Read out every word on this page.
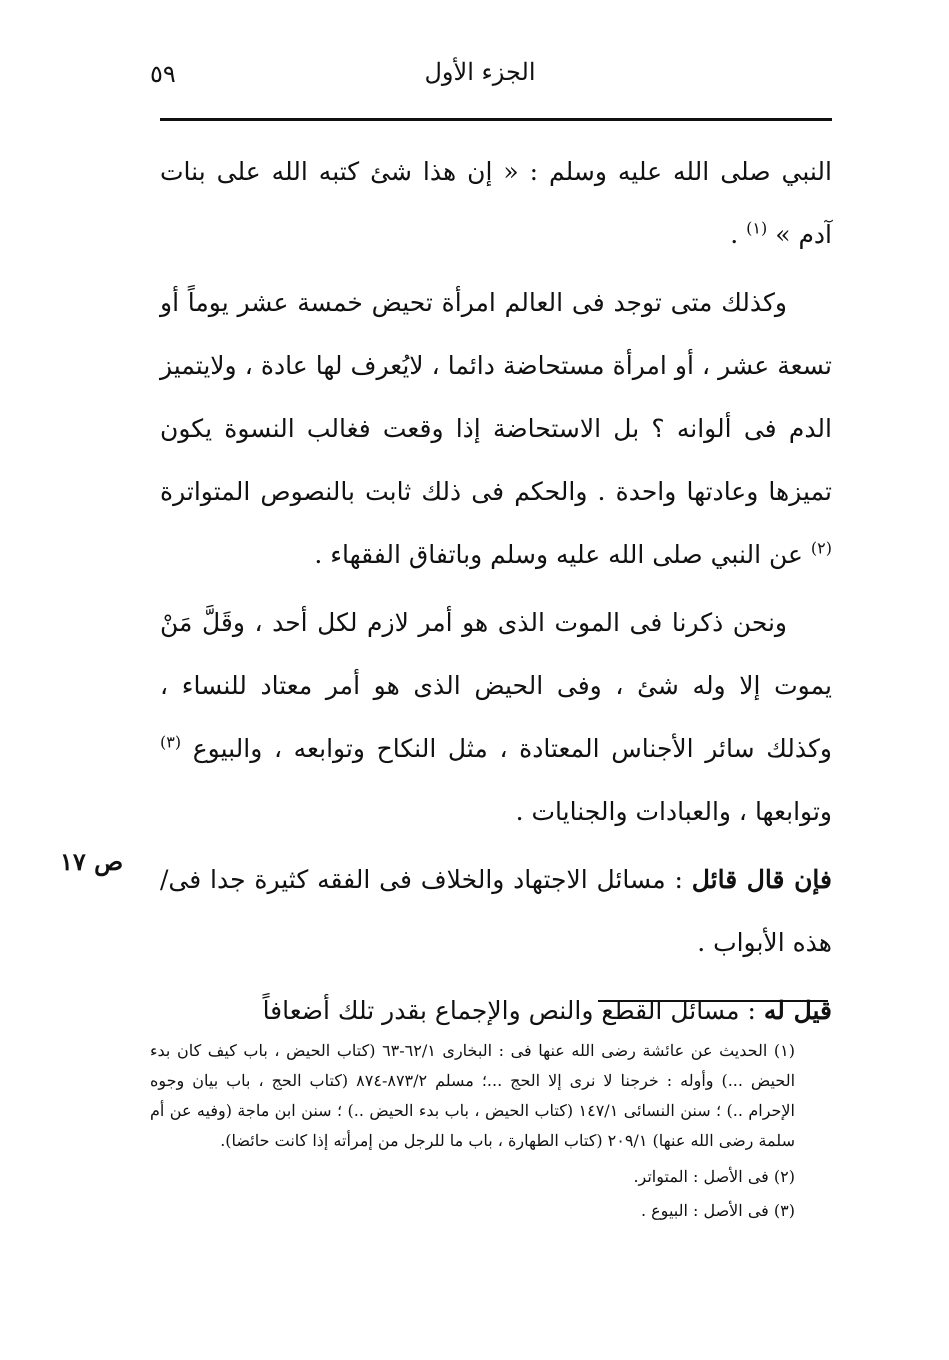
الجزء الأول
٥٩

النبي صلى الله عليه وسلم : « إن هذا شئ كتبه الله على بنات آدم » $^{(١)}$ .

وكذلك متى توجد فى العالم امرأة تحيض خمسة عشر يوماً أو تسعة عشر ، أو امرأة مستحاضة دائما ، لايُعرف لها عادة ، ولايتميز الدم فى ألوانه ؟ بل الاستحاضة إذا وقعت فغالب النسوة يكون تميزها وعادتها واحدة . والحكم فى ذلك ثابت بالنصوص المتواترة $^{(٢)}$ عن النبي صلى الله عليه وسلم وباتفاق الفقهاء .

ونحن ذكرنا فى الموت الذى هو أمر لازم لكل أحد ، وقَلَّ مَنْ يموت إلا وله شئ ، وفى الحيض الذى هو أمر معتاد للنساء ، وكذلك سائر الأجناس المعتادة ، مثل النكاح وتوابعه ، والبيوع $^{(٣)}$ وتوابعها ، والعبادات والجنايات .

فإن قال قائل : مسائل الاجتهاد والخلاف فى الفقه كثيرة جدا فى/ هذه الأبواب .

قيل له : مسائل القطع والنص والإجماع بقدر تلك أضعافاً

ص ١٧

(١) الحديث عن عائشة رضى الله عنها فى : البخارى ٦٢/١-٦٣ (كتاب الحيض ، باب كيف كان بدء الحيض ...) وأوله : خرجنا لا نرى إلا الحج ...؛ مسلم ٨٧٣/٢-٨٧٤ (كتاب الحج ، باب بيان وجوه الإحرام ..) ؛ سنن النسائى ١٤٧/١ (كتاب الحيض ، باب بدء الحيض ..) ؛ سنن ابن ماجة (وفيه عن أم سلمة رضى الله عنها) ٢٠٩/١ (كتاب الطهارة ، باب ما للرجل من إمرأته إذا كانت حائضا).

(٢) فى الأصل : المتواتر.

(٣) فى الأصل : البيوع .
